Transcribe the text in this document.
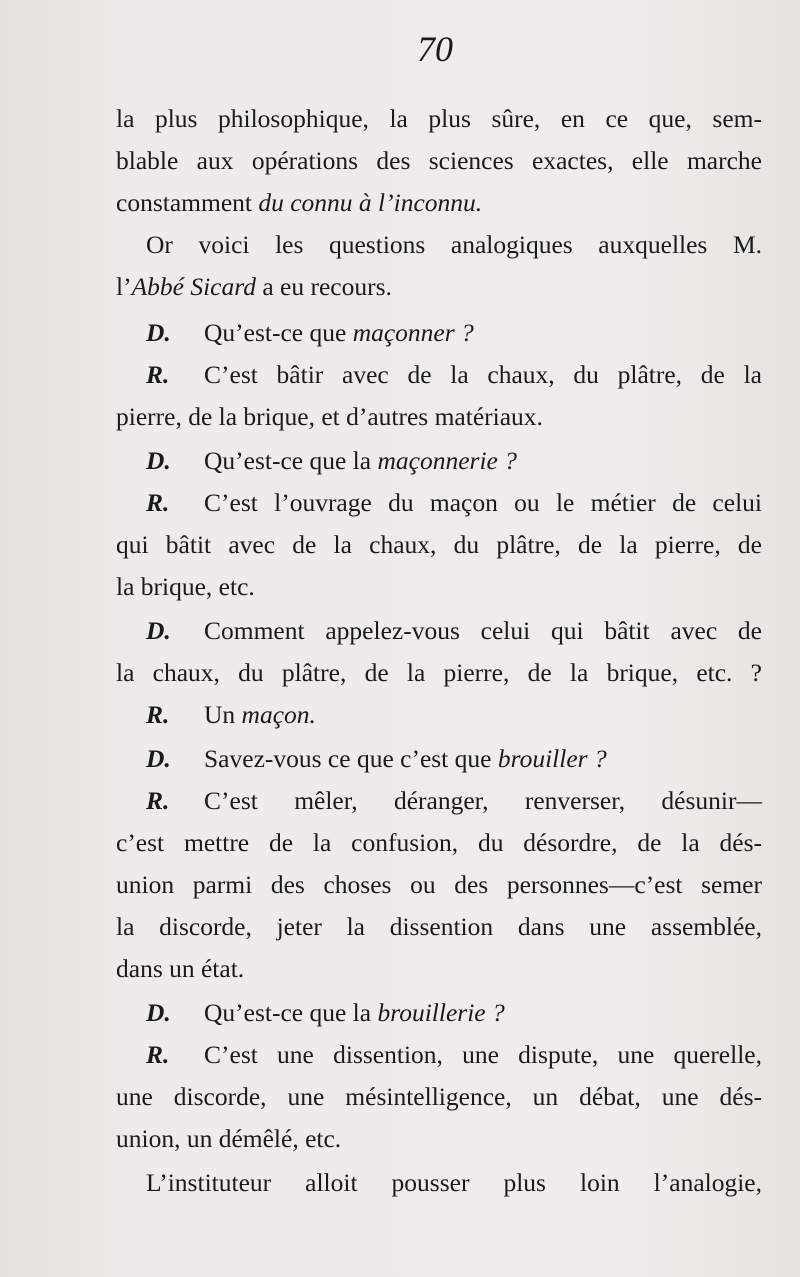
70
la plus philosophique, la plus sûre, en ce que, sem-
blable aux opérations des sciences exactes, elle marche
constamment du connu à l’inconnu.
Or voici les questions analogiques auxquelles M.
l’Abbé Sicard a eu recours.
D. Qu’est-ce que maçonner ?
R. C’est bâtir avec de la chaux, du plâtre, de la
pierre, de la brique, et d’autres matériaux.
D. Qu’est-ce que la maçonnerie ?
R. C’est l’ouvrage du maçon ou le métier de celui
qui bâtit avec de la chaux, du plâtre, de la pierre, de
la brique, etc.
D. Comment appelez-vous celui qui bâtit avec de
la chaux, du plâtre, de la pierre, de la brique, etc. ?
R. Un maçon.
D. Savez-vous ce que c’est que brouiller ?
R. C’est mêler, déranger, renverser, désunir—
c’est mettre de la confusion, du désordre, de la dés-
union parmi des choses ou des personnes—c’est semer
la discorde, jeter la dissention dans une assemblée,
dans un état.
D. Qu’est-ce que la brouillerie ?
R. C’est une dissention, une dispute, une querelle,
une discorde, une mésintelligence, un débat, une dés-
union, un démêlé, etc.
L’instituteur alloit pousser plus loin l’analogie,
